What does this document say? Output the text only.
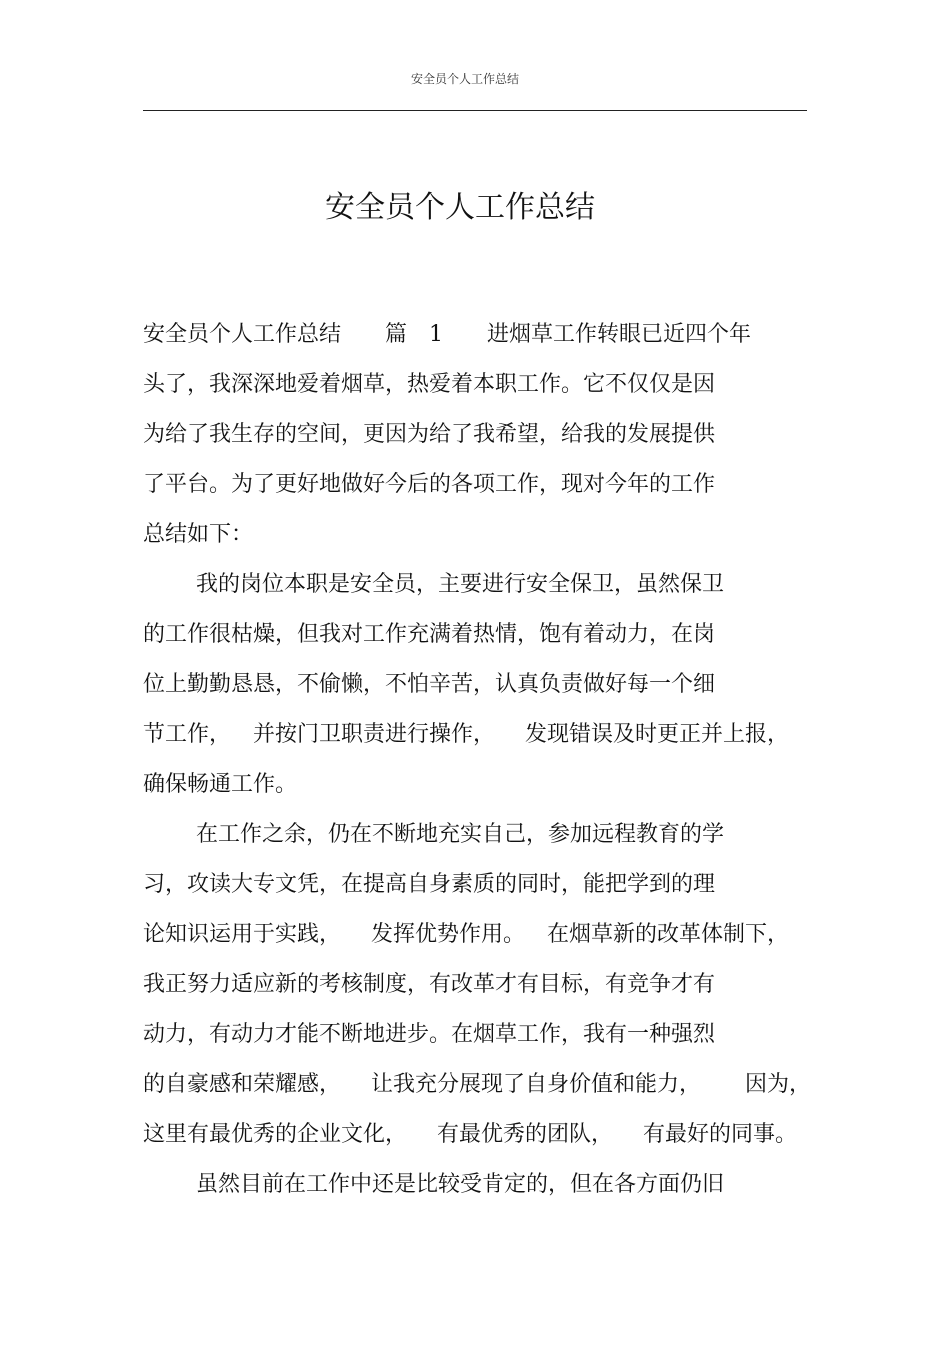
安全员个人工作总结
安全员个人工作总结
安全员个人工作总结 篇　1 进烟草工作转眼已近四个年
头了，我深深地爱着烟草，热爱着本职工作。它不仅仅是因
为给了我生存的空间，更因为给了我希望，给我的发展提供
了平台。为了更好地做好今后的各项工作，现对今年的工作
总结如下：
我的岗位本职是安全员，主要进行安全保卫，虽然保卫
的工作很枯燥，但我对工作充满着热情，饱有着动力，在岗
位上勤勤恳恳，不偷懒，不怕辛苦，认真负责做好每一个细
节工作， 并按门卫职责进行操作， 发现错误及时更正并上报，
确保畅通工作。
在工作之余，仍在不断地充实自己，参加远程教育的学
习，攻读大专文凭，在提高自身素质的同时，能把学到的理
论知识运用于实践， 发挥优势作用。 在烟草新的改革体制下，
我正努力适应新的考核制度，有改革才有目标，有竞争才有
动力，有动力才能不断地进步。在烟草工作，我有一种强烈
的自豪感和荣耀感， 让我充分展现了自身价值和能力， 因为，
这里有最优秀的企业文化， 有最优秀的团队， 有最好的同事。
虽然目前在工作中还是比较受肯定的，但在各方面仍旧
